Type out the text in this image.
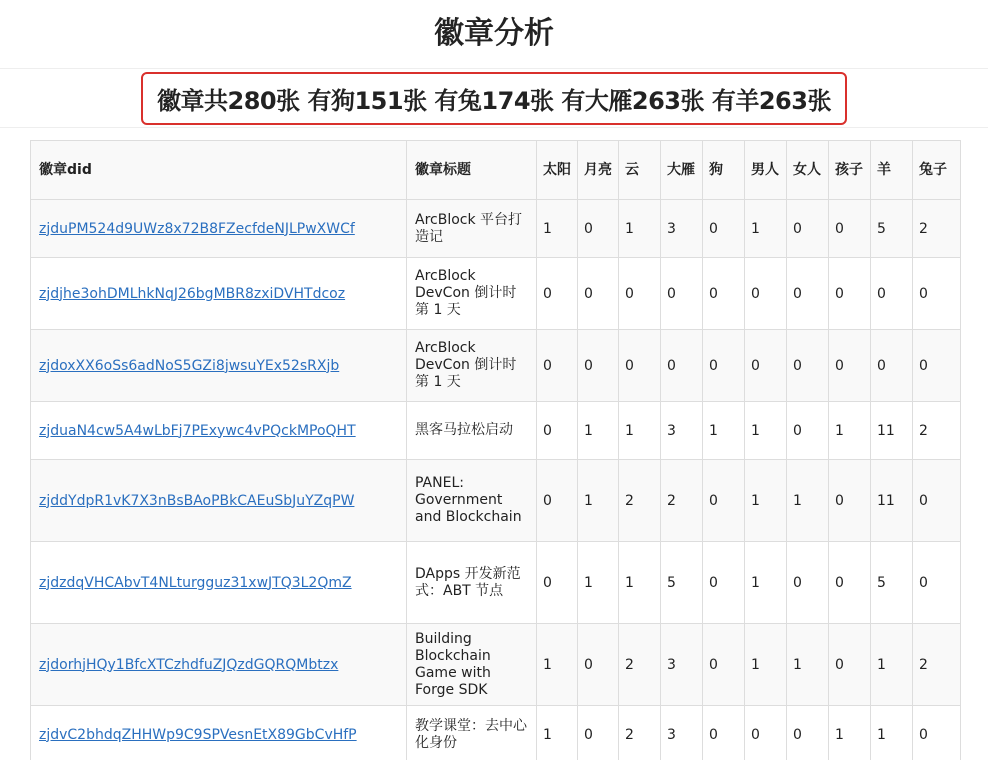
徽章分析
徽章共280张 有狗151张 有兔174张 有大雁263张 有羊263张
徽章did	徽章标题	太阳	月亮	云	大雁	狗	男人	女人	孩子	羊	兔子

zjduPM524d9UWz8x72B8FZecfdeNJLPwXWCf	ArcBlock 平台打造记	1	0	1	3	0	1	0	0	5	2
zjdjhe3ohDMLhkNqJ26bgMBR8zxiDVHTdcoz	ArcBlock DevCon 倒计时第 1 天	0	0	0	0	0	0	0	0	0	0
zjdoxXX6oSs6adNoS5GZi8jwsuYEx52sRXjb	ArcBlock DevCon 倒计时第 1 天	0	0	0	0	0	0	0	0	0	0
zjduaN4cw5A4wLbFj7PExywc4vPQckMPoQHT	黑客马拉松启动	0	1	1	3	1	1	0	1	11	2
zjddYdpR1vK7X3nBsBAoPBkCAEuSbJuYZqPW	PANEL: Government and Blockchain	0	1	2	2	0	1	1	0	11	0
zjdzdqVHCAbvT4NLturgguz31xwJTQ3L2QmZ	DApps 开发新范式：ABT 节点	0	1	1	5	0	1	0	0	5	0
zjdorhjHQy1BfcXTCzhdfuZJQzdGQRQMbtzx	Building Blockchain Game with Forge SDK	1	0	2	3	0	1	1	0	1	2
zjdvC2bhdqZHHWp9C9SPVesnEtX89GbCvHfP	教学课堂：去中心化身份	1	0	2	3	0	0	0	1	1	0
